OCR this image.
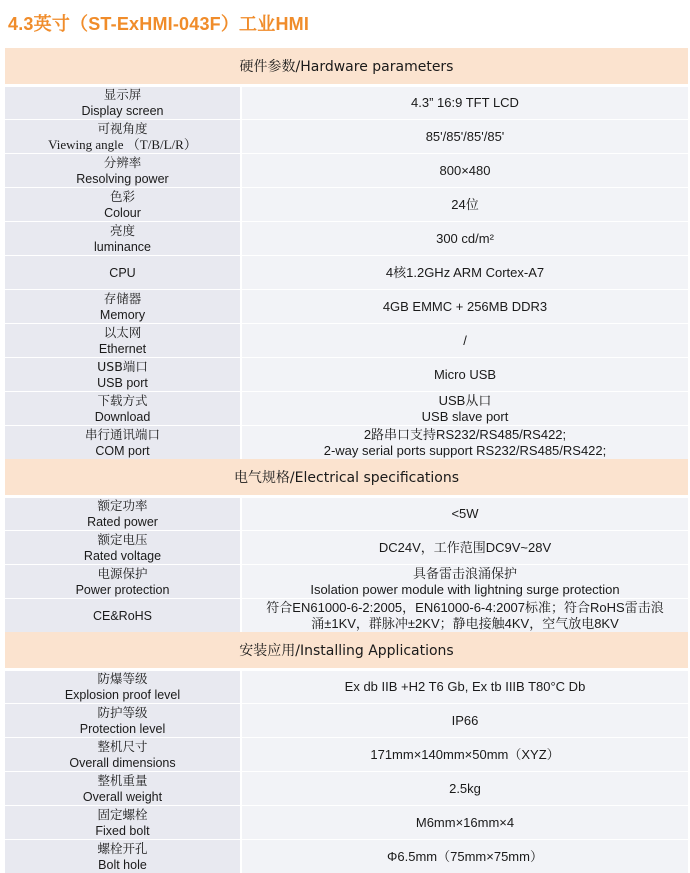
4.3英寸（ST-ExHMI-043F）工业HMI
硬件参数/Hardware parameters
显示屏
Display screen
4.3” 16:9 TFT LCD
可视角度
Viewing angle （T/B/L/R）
85'/85'/85'/85'
分辨率
Resolving power
800×480
色彩
Colour
24位
亮度
luminance
300 cd/m²
CPU	4核1.2GHz ARM Cortex-A7
存储器
Memory
4GB EMMC + 256MB DDR3
以太网
Ethernet
/
USB端口
USB port
Micro USB
下载方式
Download
USB从口
USB slave port
串行通讯端口
COM port
2路串口支持RS232/RS485/RS422;
2-way serial ports support RS232/RS485/RS422;
电气规格/Electrical specifications
额定功率
Rated power
<5W
额定电压
Rated voltage
DC24V，工作范围DC9V~28V
电源保护
Power protection
具备雷击浪涌保护
Isolation power module with lightning surge protection
CE&RoHS
符合EN61000-6-2:2005，EN61000-6-4:2007标准；符合RoHS雷击浪
涌±1KV，群脉冲±2KV；静电接触4KV，空气放电8KV
安装应用/Installing Applications
防爆等级
Explosion proof level
Ex db IIB +H2 T6 Gb, Ex tb IIIB T80°C Db
防护等级
Protection level
IP66
整机尺寸
Overall dimensions
171mm×140mm×50mm（XYZ）
整机重量
Overall weight
2.5kg
固定螺栓
Fixed bolt
M6mm×16mm×4
螺栓开孔
Bolt hole
Φ6.5mm（75mm×75mm）
